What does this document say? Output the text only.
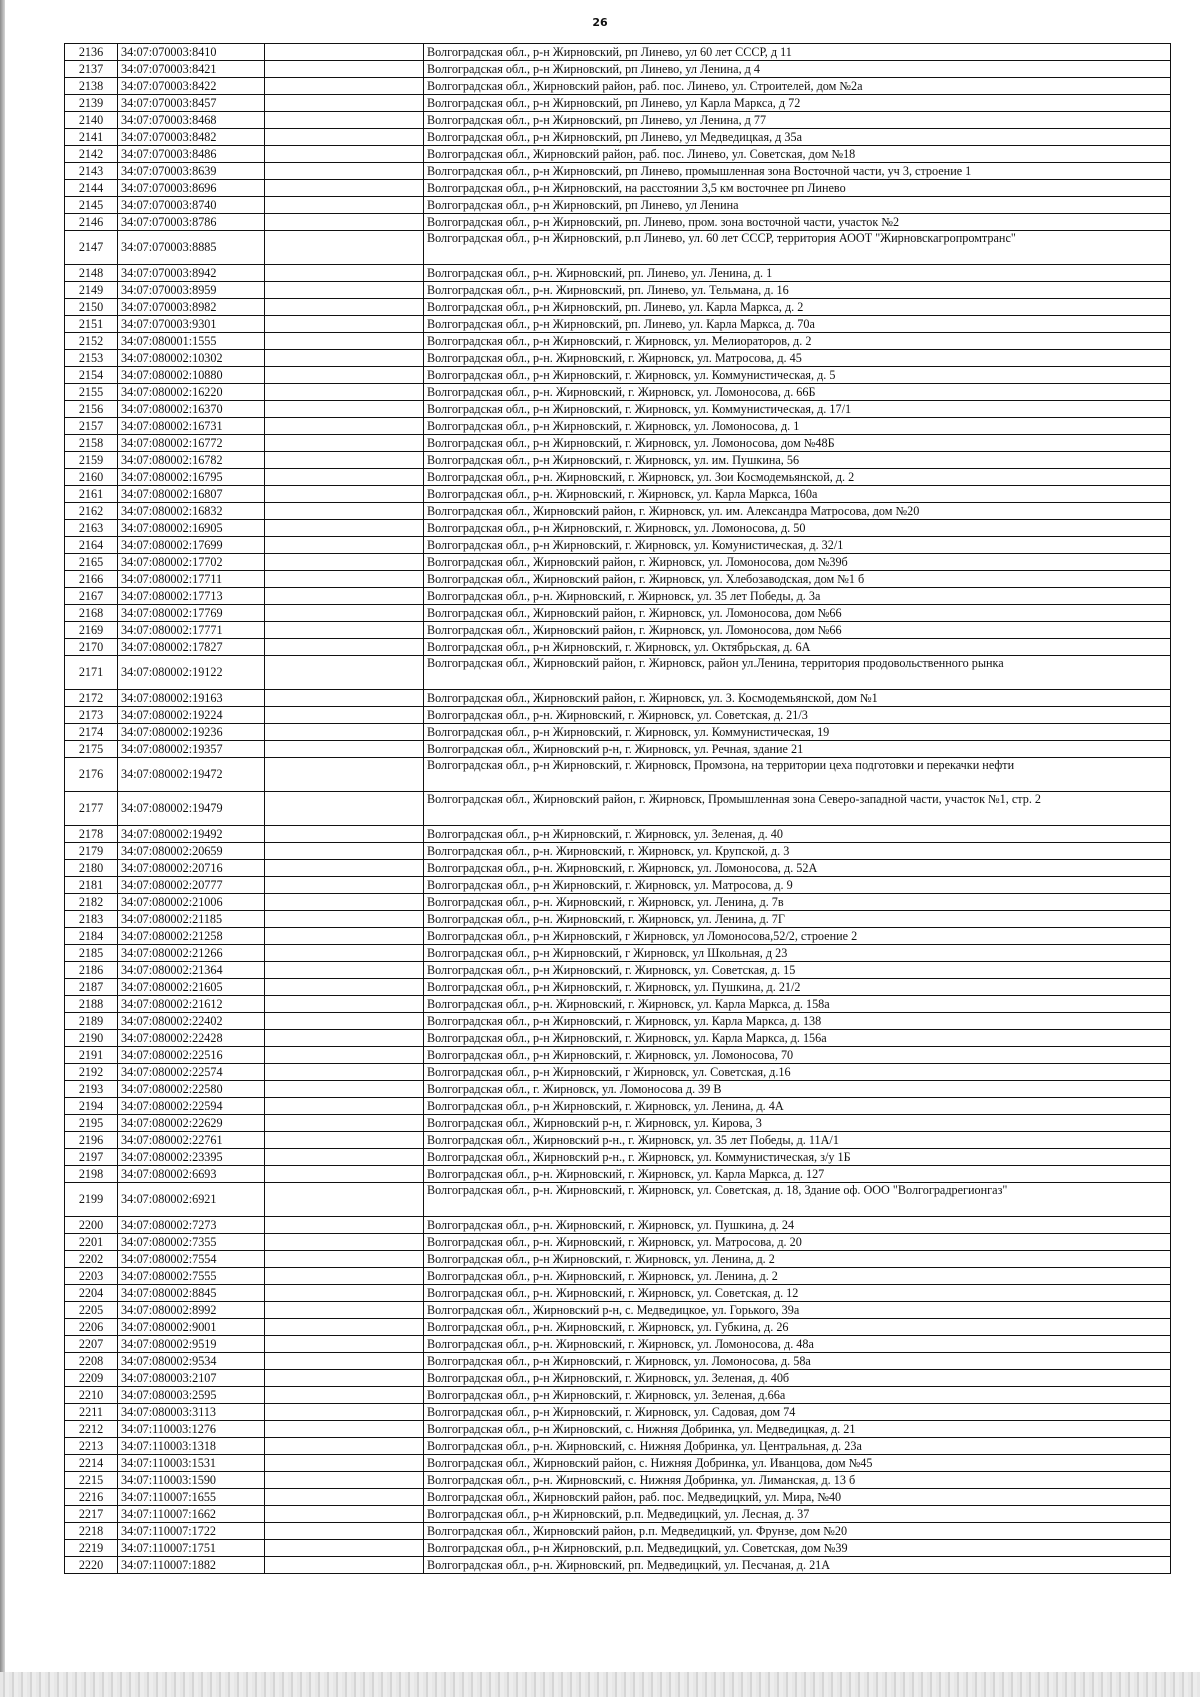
26
2136	34:07:070003:8410		Волгоградская обл., р-н Жирновский, рп Линево, ул 60 лет СССР, д 11
2137	34:07:070003:8421		Волгоградская обл., р-н Жирновский, рп Линево, ул Ленина, д 4
2138	34:07:070003:8422		Волгоградская обл., Жирновский район, раб. пос. Линево, ул. Строителей, дом №2а
2139	34:07:070003:8457		Волгоградская обл., р-н Жирновский, рп Линево, ул Карла Маркса, д 72
2140	34:07:070003:8468		Волгоградская обл., р-н Жирновский, рп Линево, ул Ленина, д 77
2141	34:07:070003:8482		Волгоградская обл., р-н Жирновский, рп Линево, ул Медведицкая, д 35а
2142	34:07:070003:8486		Волгоградская обл., Жирновский район, раб. пос. Линево, ул. Советская, дом №18
2143	34:07:070003:8639		Волгоградская обл., р-н Жирновский, рп Линево, промышленная зона Восточной части, уч 3, строение 1
2144	34:07:070003:8696		Волгоградская обл., р-н Жирновский, на расстоянии 3,5 км восточнее рп Линево
2145	34:07:070003:8740		Волгоградская обл., р-н Жирновский, рп Линево, ул Ленина
2146	34:07:070003:8786		Волгоградская обл., р-н Жирновский, рп. Линево, пром. зона восточной части, участок №2
2147	34:07:070003:8885		Волгоградская обл., р-н Жирновский, р.п Линево, ул. 60 лет СССР, территория АООТ "Жирновскагропромтранс"
2148	34:07:070003:8942		Волгоградская обл., р-н. Жирновский, рп. Линево, ул. Ленина, д. 1
2149	34:07:070003:8959		Волгоградская обл., р-н. Жирновский, рп. Линево, ул. Тельмана, д. 16
2150	34:07:070003:8982		Волгоградская обл., р-н Жирновский, рп. Линево, ул. Карла Маркса, д. 2
2151	34:07:070003:9301		Волгоградская обл., р-н Жирновский, рп. Линево, ул. Карла Маркса, д. 70а
2152	34:07:080001:1555		Волгоградская обл., р-н Жирновский, г. Жирновск, ул. Мелиораторов, д. 2
2153	34:07:080002:10302		Волгоградская обл., р-н. Жирновский, г. Жирновск, ул. Матросова, д. 45
2154	34:07:080002:10880		Волгоградская обл., р-н Жирновский, г. Жирновск, ул. Коммунистическая, д. 5
2155	34:07:080002:16220		Волгоградская обл., р-н. Жирновский, г. Жирновск, ул. Ломоносова, д. 66Б
2156	34:07:080002:16370		Волгоградская обл., р-н Жирновский, г. Жирновск, ул. Коммунистическая, д. 17/1
2157	34:07:080002:16731		Волгоградская обл., р-н Жирновский, г. Жирновск, ул. Ломоносова, д. 1
2158	34:07:080002:16772		Волгоградская обл., р-н Жирновский, г. Жирновск, ул. Ломоносова, дом №48Б
2159	34:07:080002:16782		Волгоградская обл., р-н Жирновский, г. Жирновск, ул. им. Пушкина, 56
2160	34:07:080002:16795		Волгоградская обл., р-н. Жирновский, г. Жирновск, ул. Зои Космодемьянской, д. 2
2161	34:07:080002:16807		Волгоградская обл., р-н. Жирновский, г. Жирновск, ул. Карла Маркса, 160а
2162	34:07:080002:16832		Волгоградская обл., Жирновский район, г. Жирновск, ул. им. Александра Матросова, дом №20
2163	34:07:080002:16905		Волгоградская обл., р-н Жирновский, г. Жирновск, ул. Ломоносова, д. 50
2164	34:07:080002:17699		Волгоградская обл., р-н Жирновский, г. Жирновск, ул. Комунистическая, д. 32/1
2165	34:07:080002:17702		Волгоградская обл., Жирновский район, г. Жирновск, ул. Ломоносова, дом №39б
2166	34:07:080002:17711		Волгоградская обл., Жирновский район, г. Жирновск, ул. Хлебозаводская, дом №1 б
2167	34:07:080002:17713		Волгоградская обл., р-н. Жирновский, г. Жирновск, ул. 35 лет Победы, д. 3а
2168	34:07:080002:17769		Волгоградская обл., Жирновский район, г. Жирновск, ул. Ломоносова, дом №66
2169	34:07:080002:17771		Волгоградская обл., Жирновский район, г. Жирновск, ул. Ломоносова, дом №66
2170	34:07:080002:17827		Волгоградская обл., р-н Жирновский, г. Жирновск, ул. Октябрьская, д. 6А
2171	34:07:080002:19122		Волгоградская обл., Жирновский район, г. Жирновск, район ул.Ленина, территория продовольственного рынка
2172	34:07:080002:19163		Волгоградская обл., Жирновский район, г. Жирновск, ул. З. Космодемьянской, дом №1
2173	34:07:080002:19224		Волгоградская обл., р-н. Жирновский, г. Жирновск, ул. Советская, д. 21/3
2174	34:07:080002:19236		Волгоградская обл., р-н Жирновский, г. Жирновск, ул. Коммунистическая, 19
2175	34:07:080002:19357		Волгоградская обл., Жирновский р-н, г. Жирновск, ул. Речная, здание 21
2176	34:07:080002:19472		Волгоградская обл., р-н Жирновский, г. Жирновск, Промзона, на территории цеха подготовки и перекачки нефти
2177	34:07:080002:19479		Волгоградская обл., Жирновский район, г. Жирновск, Промышленная зона Северо-западной части, участок №1, стр. 2
2178	34:07:080002:19492		Волгоградская обл., р-н Жирновский, г. Жирновск, ул. Зеленая, д. 40
2179	34:07:080002:20659		Волгоградская обл., р-н. Жирновский, г. Жирновск, ул. Крупской, д. 3
2180	34:07:080002:20716		Волгоградская обл., р-н. Жирновский, г. Жирновск, ул. Ломоносова, д. 52А
2181	34:07:080002:20777		Волгоградская обл., р-н Жирновский, г. Жирновск, ул. Матросова, д. 9
2182	34:07:080002:21006		Волгоградская обл., р-н. Жирновский, г. Жирновск, ул. Ленина, д. 7в
2183	34:07:080002:21185		Волгоградская обл., р-н. Жирновский, г. Жирновск, ул. Ленина, д. 7Г
2184	34:07:080002:21258		Волгоградская обл., р-н Жирновский, г Жирновск, ул Ломоносова,52/2, строение 2
2185	34:07:080002:21266		Волгоградская обл., р-н Жирновский, г Жирновск, ул Школьная, д 23
2186	34:07:080002:21364		Волгоградская обл., р-н Жирновский, г. Жирновск, ул. Советская, д. 15
2187	34:07:080002:21605		Волгоградская обл., р-н Жирновский, г. Жирновск, ул. Пушкина, д. 21/2
2188	34:07:080002:21612		Волгоградская обл., р-н. Жирновский, г. Жирновск, ул. Карла Маркса, д. 158а
2189	34:07:080002:22402		Волгоградская обл., р-н Жирновский, г. Жирновск, ул. Карла Маркса, д. 138
2190	34:07:080002:22428		Волгоградская обл., р-н Жирновский, г. Жирновск, ул. Карла Маркса, д. 156а
2191	34:07:080002:22516		Волгоградская обл., р-н Жирновский, г. Жирновск, ул. Ломоносова, 70
2192	34:07:080002:22574		Волгоградская обл., р-н Жирновский, г Жирновск, ул. Советская, д.16
2193	34:07:080002:22580		Волгоградская обл., г. Жирновск, ул. Ломоносова д. 39 В
2194	34:07:080002:22594		Волгоградская обл., р-н Жирновский, г. Жирновск, ул. Ленина, д. 4А
2195	34:07:080002:22629		Волгоградская обл., Жирновский р-н, г. Жирновск, ул. Кирова, 3
2196	34:07:080002:22761		Волгоградская обл., Жирновский р-н., г. Жирновск, ул. 35 лет Победы, д. 11А/1
2197	34:07:080002:23395		Волгоградская обл., Жирновский р-н., г. Жирновск, ул. Коммунистическая, з/у 1Б
2198	34:07:080002:6693		Волгоградская обл., р-н. Жирновский, г. Жирновск, ул. Карла Маркса, д. 127
2199	34:07:080002:6921		Волгоградская обл., р-н. Жирновский, г. Жирновск, ул. Советская, д. 18, Здание оф. ООО "Волгоградрегионгаз"
2200	34:07:080002:7273		Волгоградская обл., р-н. Жирновский, г. Жирновск, ул. Пушкина, д. 24
2201	34:07:080002:7355		Волгоградская обл., р-н. Жирновский, г. Жирновск, ул. Матросова, д. 20
2202	34:07:080002:7554		Волгоградская обл., р-н Жирновский, г. Жирновск, ул. Ленина, д. 2
2203	34:07:080002:7555		Волгоградская обл., р-н. Жирновский, г. Жирновск, ул. Ленина, д. 2
2204	34:07:080002:8845		Волгоградская обл., р-н. Жирновский, г. Жирновск, ул. Советская, д. 12
2205	34:07:080002:8992		Волгоградская обл., Жирновский р-н, с. Медведицкое, ул. Горького, 39а
2206	34:07:080002:9001		Волгоградская обл., р-н. Жирновский, г. Жирновск, ул. Губкина, д. 26
2207	34:07:080002:9519		Волгоградская обл., р-н. Жирновский, г. Жирновск, ул. Ломоносова, д. 48а
2208	34:07:080002:9534		Волгоградская обл., р-н Жирновский, г. Жирновск, ул. Ломоносова, д. 58а
2209	34:07:080003:2107		Волгоградская обл., р-н Жирновский, г. Жирновск, ул. Зеленая, д. 40б
2210	34:07:080003:2595		Волгоградская обл., р-н Жирновский, г. Жирновск, ул. Зеленая, д.66а
2211	34:07:080003:3113		Волгоградская обл., р-н Жирновский, г. Жирновск, ул. Садовая, дом 74
2212	34:07:110003:1276		Волгоградская обл., р-н Жирновский, с. Нижняя Добринка, ул. Медведицкая, д. 21
2213	34:07:110003:1318		Волгоградская обл., р-н. Жирновский, с. Нижняя Добринка, ул. Центральная, д. 23а
2214	34:07:110003:1531		Волгоградская обл., Жирновский район, с. Нижняя Добринка, ул. Иванцова, дом №45
2215	34:07:110003:1590		Волгоградская обл., р-н. Жирновский, с. Нижняя Добринка, ул. Лиманская, д. 13 б
2216	34:07:110007:1655		Волгоградская обл., Жирновский район, раб. пос. Медведицкий, ул. Мира, №40
2217	34:07:110007:1662		Волгоградская обл., р-н Жирновский, р.п. Медведицкий, ул. Лесная, д. 37
2218	34:07:110007:1722		Волгоградская обл., Жирновский район, р.п. Медведицкий, ул. Фрунзе, дом №20
2219	34:07:110007:1751		Волгоградская обл., р-н Жирновский, р.п. Медведицкий, ул. Советская, дом №39
2220	34:07:110007:1882		Волгоградская обл., р-н. Жирновский, рп. Медведицкий, ул. Песчаная, д. 21А
